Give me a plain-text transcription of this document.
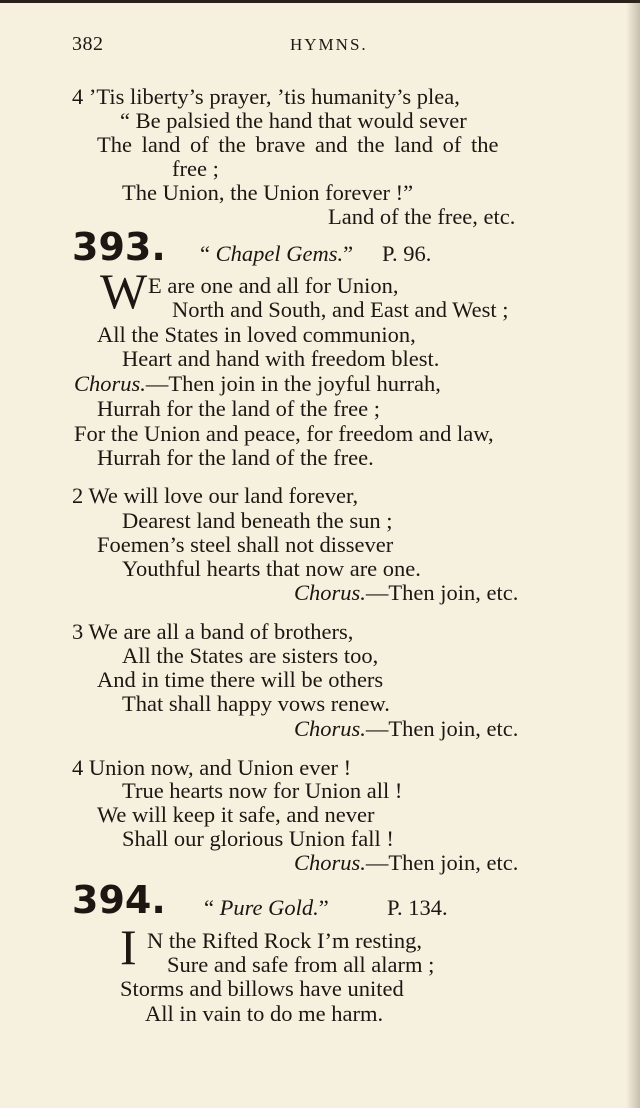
382	HYMNS.
4 ’Tis liberty’s prayer, ’tis humanity’s plea,
“ Be palsied the hand that would sever
The land of the brave and the land of the
free ;
The Union, the Union forever !”
Land of the free, etc.
393. “ Chapel Gems.” P. 96.
W E are one and all for Union,
North and South, and East and West ;
All the States in loved communion,
Heart and hand with freedom blest.
Chorus.—Then join in the joyful hurrah,
Hurrah for the land of the free ;
For the Union and peace, for freedom and law,
Hurrah for the land of the free.
2 We will love our land forever,
Dearest land beneath the sun ;
Foemen’s steel shall not dissever
Youthful hearts that now are one.
Chorus.—Then join, etc.
3 We are all a band of brothers,
All the States are sisters too,
And in time there will be others
That shall happy vows renew.
Chorus.—Then join, etc.
4 Union now, and Union ever !
True hearts now for Union all !
We will keep it safe, and never
Shall our glorious Union fall !
Chorus.—Then join, etc.
394. “ Pure Gold.”	P. 134.
I N the Rifted Rock I’m resting,
Sure and safe from all alarm ;
Storms and billows have united
All in vain to do me harm.
